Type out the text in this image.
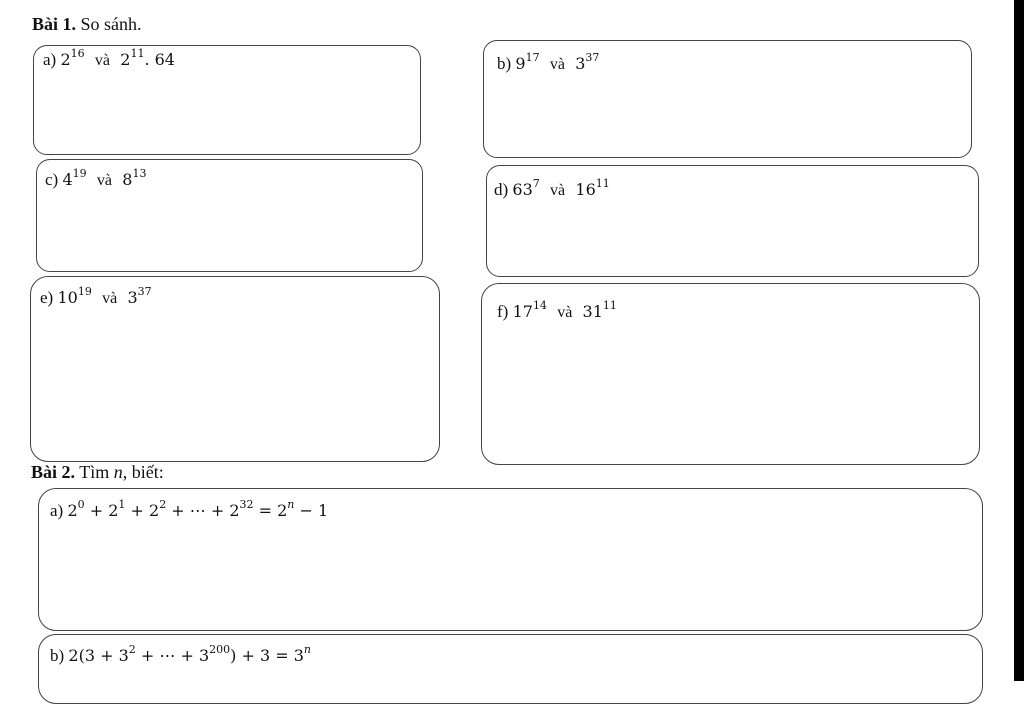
Bài 1. So sánh.
a) $2^{16}$ và $2^{11}$. 64	b) $9^{17}$ và $3^{37}$
c) $4^{19}$ và $8^{13}$
d) $63^7$ và $16^{11}$
e) $10^{19}$ và $3^{37}$
f) $17^{14}$ và $31^{11}$
Bài 2. Tìm n, biết:
a) $2^0 + 2^1 + 2^2$ + ⋯ + $2^{32} = 2^n - 1$
b) $2(3 + 3^2$ + ⋯ + $3^{200}) + 3 = 3^n$
